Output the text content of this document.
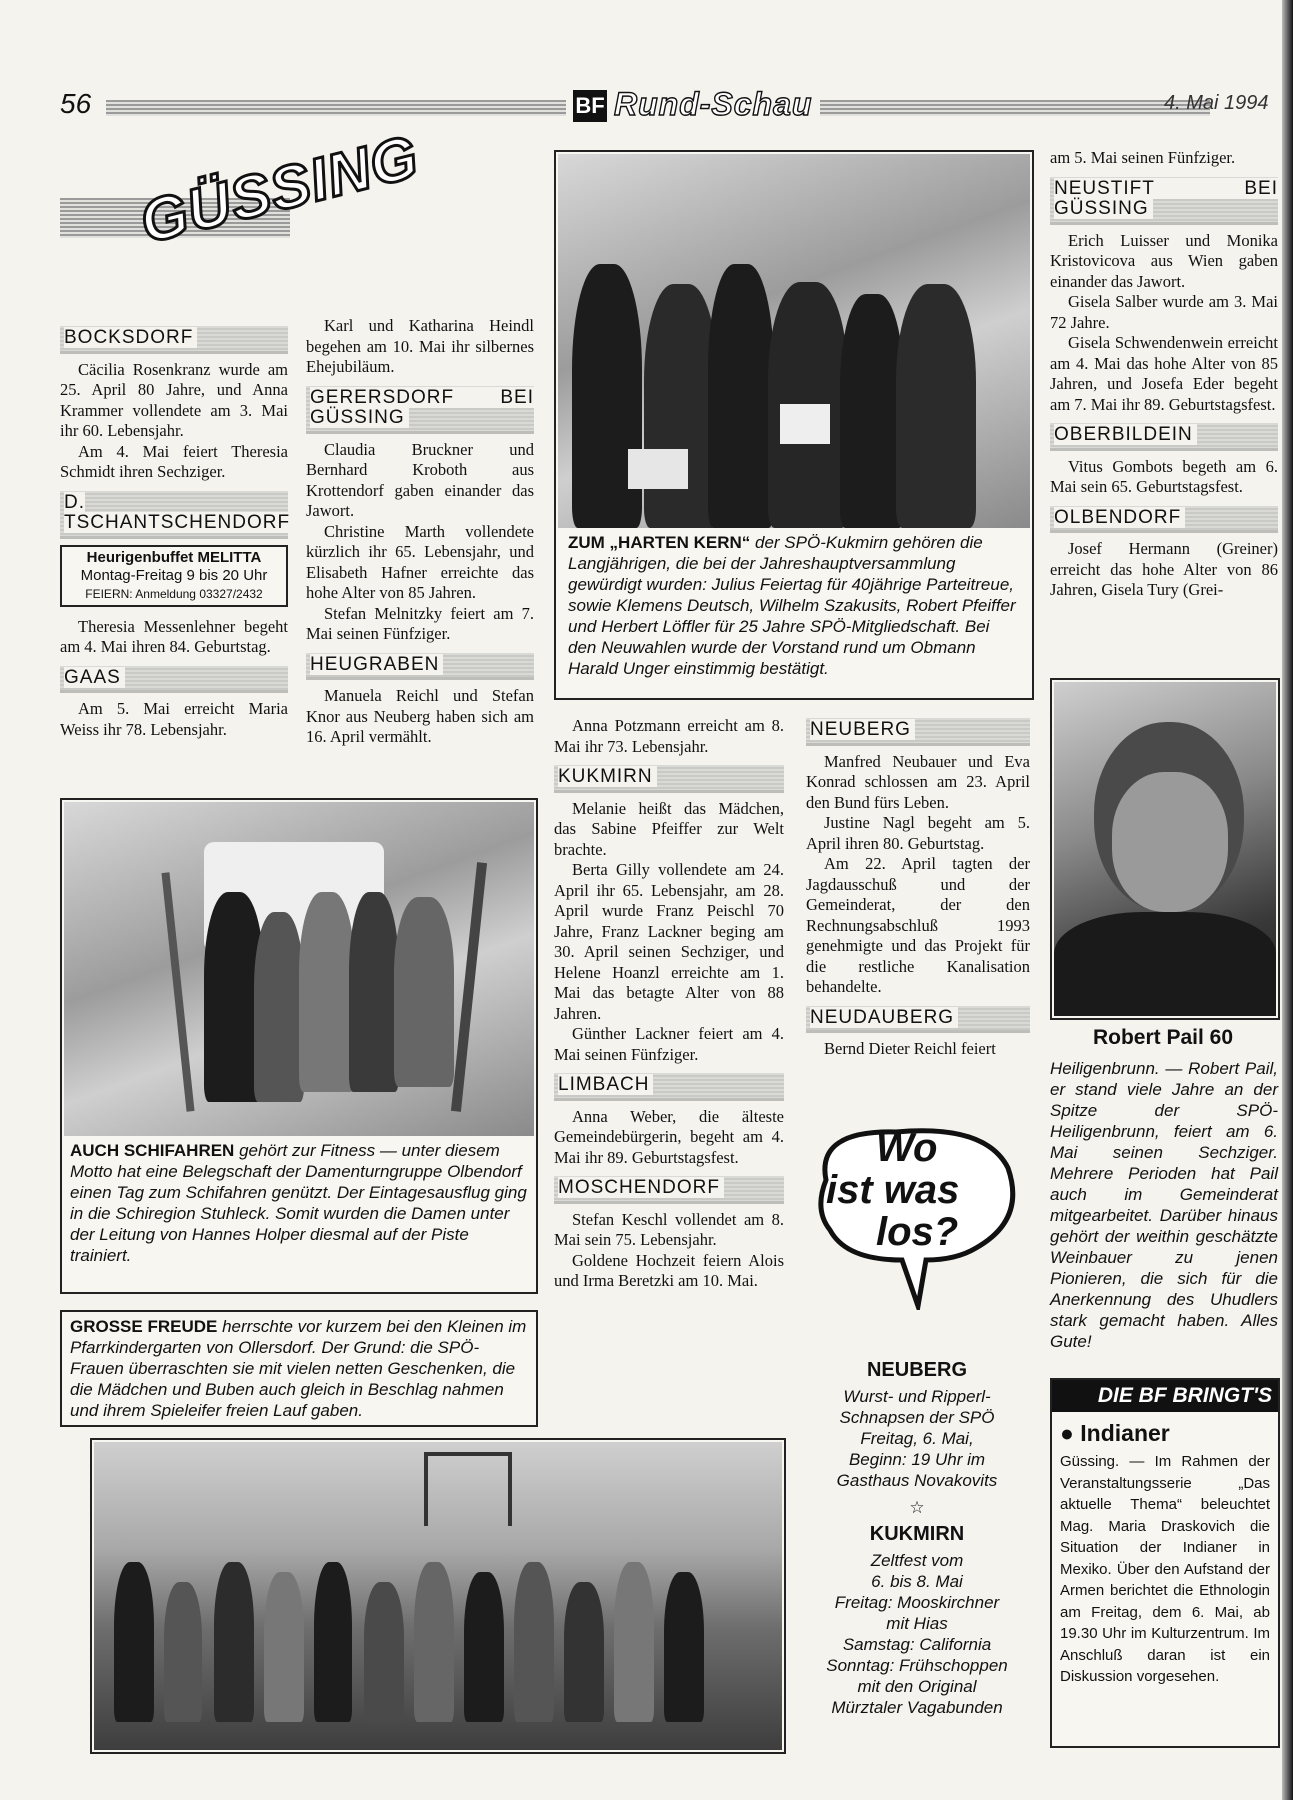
56	BF Rund-Schau	4. Mai 1994
GÜSSING
BOCKSDORF

Cäcilia Rosenkranz wurde am 25. April 80 Jahre, und Anna Krammer vollendete am 3. Mai ihr 60. Lebensjahr.

Am 4. Mai feiert Theresia Schmidt ihren Sechziger.

D. TSCHANTSCHENDORF
Heurigenbuffet MELITTA
Montag-Freitag 9 bis 20 Uhr
FEIERN: Anmeldung 03327/2432

Theresia Messenlehner begeht am 4. Mai ihren 84. Geburtstag.

GAAS

Am 5. Mai erreicht Maria Weiss ihr 78. Lebensjahr.

Karl und Katharina Heindl begehen am 10. Mai ihr silbernes Ehejubiläum.

GERERSDORF BEI GÜSSING

Claudia Bruckner und Bernhard Kroboth aus Krottendorf gaben einander das Jawort.

Christine Marth vollendete kürzlich ihr 65. Lebensjahr, und Elisabeth Hafner erreichte das hohe Alter von 85 Jahren.

Stefan Melnitzky feiert am 7. Mai seinen Fünfziger.

HEUGRABEN

Manuela Reichl und Stefan Knor aus Neuberg haben sich am 16. April vermählt.

ZUM „HARTEN KERN“ der SPÖ-Kukmirn gehören die Langjährigen, die bei der Jahreshauptversammlung gewürdigt wurden: Julius Feiertag für 40jährige Parteitreue, sowie Klemens Deutsch, Wilhelm Szakusits, Robert Pfeiffer und Herbert Löffler für 25 Jahre SPÖ-Mitgliedschaft. Bei den Neuwahlen wurde der Vorstand rund um Obmann Harald Unger einstimmig bestätigt.

Anna Potzmann erreicht am 8. Mai ihr 73. Lebensjahr.

KUKMIRN

Melanie heißt das Mädchen, das Sabine Pfeiffer zur Welt brachte.

Berta Gilly vollendete am 24. April ihr 65. Lebensjahr, am 28. April wurde Franz Peischl 70 Jahre, Franz Lackner beging am 30. April seinen Sechziger, und Helene Hoanzl erreichte am 1. Mai das betagte Alter von 88 Jahren.

Günther Lackner feiert am 4. Mai seinen Fünfziger.

LIMBACH

Anna Weber, die älteste Gemeindebürgerin, begeht am 4. Mai ihr 89. Geburtstagsfest.

MOSCHENDORF

Stefan Keschl vollendet am 8. Mai sein 75. Lebensjahr.

Goldene Hochzeit feiern Alois und Irma Beretzki am 10. Mai.

NEUBERG

Manfred Neubauer und Eva Konrad schlossen am 23. April den Bund fürs Leben.

Justine Nagl begeht am 5. April ihren 80. Geburtstag.

Am 22. April tagten der Jagdausschuß und der Gemeinderat, der den Rechnungsabschluß 1993 genehmigte und das Projekt für die restliche Kanalisation behandelte.

NEUDAUBERG

Bernd Dieter Reichl feiert

am 5. Mai seinen Fünfziger.

NEUSTIFT BEI GÜSSING

Erich Luisser und Monika Kristovicova aus Wien gaben einander das Jawort.

Gisela Salber wurde am 3. Mai 72 Jahre.

Gisela Schwendenwein erreicht am 4. Mai das hohe Alter von 85 Jahren, und Josefa Eder begeht am 7. Mai ihr 89. Geburtstagsfest.

OBERBILDEIN

Vitus Gombots begeth am 6. Mai sein 65. Geburtstagsfest.

OLBENDORF

Josef Hermann (Greiner) erreicht das hohe Alter von 86 Jahren, Gisela Tury (Grei-

Robert Pail 60
Heiligenbrunn. — Robert Pail, er stand viele Jahre an der Spitze der SPÖ-Heiligenbrunn, feiert am 6. Mai seinen Sechziger. Mehrere Perioden hat Pail auch im Gemeinderat mitgearbeitet. Darüber hinaus gehört der weithin geschätzte Weinbauer zu jenen Pionieren, die sich für die Anerkennung des Uhudlers stark gemacht haben. Alles Gute!
AUCH SCHIFAHREN gehört zur Fitness — unter diesem Motto hat eine Belegschaft der Damenturngruppe Olbendorf einen Tag zum Schifahren genützt. Der Eintagesausflug ging in die Schiregion Stuhleck. Somit wurden die Damen unter der Leitung von Hannes Holper diesmal auf der Piste trainiert.
GROSSE FREUDE herrschte vor kurzem bei den Kleinen im Pfarrkindergarten von Ollersdorf. Der Grund: die SPÖ-Frauen überraschten sie mit vielen netten Geschenken, die die Mädchen und Buben auch gleich in Beschlag nahmen und ihrem Spieleifer freien Lauf gaben.
Wo
ist was
los?
NEUBERG
Wurst- und Ripperl-
Schnapsen der SPÖ
Freitag, 6. Mai,
Beginn: 19 Uhr im
Gasthaus Novakovits
☆
KUKMIRN
Zeltfest vom
6. bis 8. Mai
Freitag: Mooskirchner
mit Hias
Samstag: California
Sonntag: Frühschoppen
mit den Original
Mürztaler Vagabunden
DIE BF BRINGT'S
● Indianer
Güssing. — Im Rahmen der Veranstaltungsserie „Das aktuelle Thema“ beleuchtet Mag. Maria Draskovich die Situation der Indianer in Mexiko. Über den Aufstand der Armen berichtet die Ethnologin am Freitag, dem 6. Mai, ab 19.30 Uhr im Kulturzentrum. Im Anschluß daran ist ein Diskussion vorgesehen.
